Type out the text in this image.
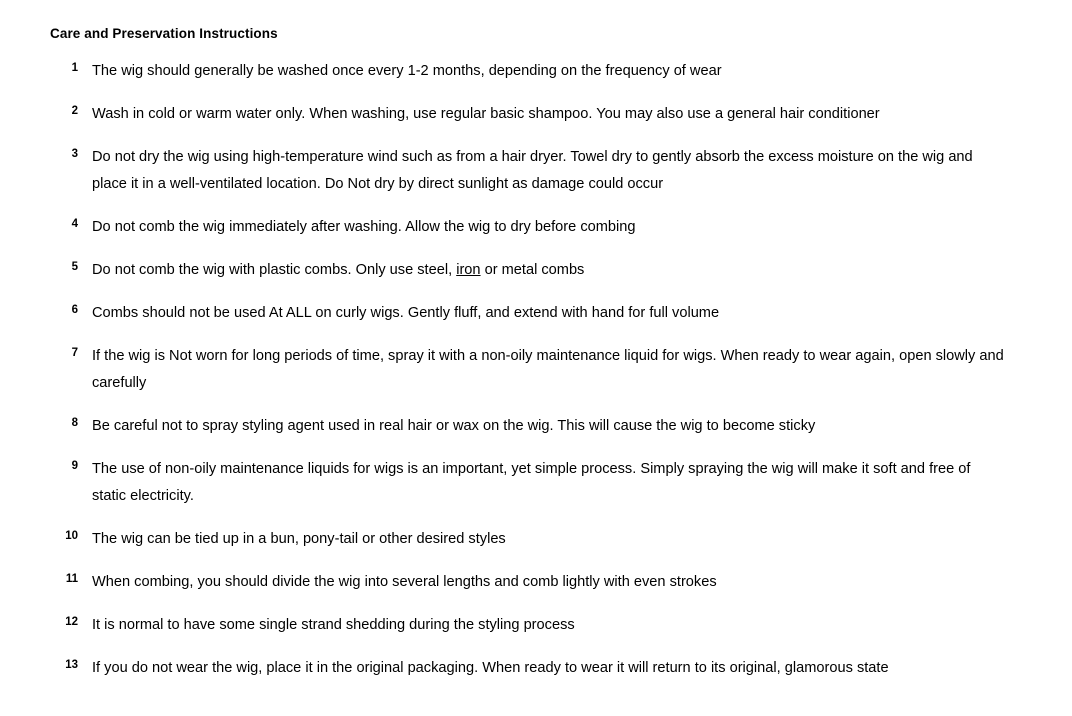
Care and Preservation Instructions
1 The wig should generally be washed once every 1-2 months, depending on the frequency of wear
2 Wash in cold or warm water only. When washing, use regular basic shampoo. You may also use a general hair conditioner
3 Do not dry the wig using high-temperature wind such as from a hair dryer. Towel dry to gently absorb the excess moisture on the wig and place it in a well-ventilated location. Do Not dry by direct sunlight as damage could occur
4 Do not comb the wig immediately after washing. Allow the wig to dry before combing
5 Do not comb the wig with plastic combs. Only use steel, iron or metal combs
6 Combs should not be used At ALL on curly wigs. Gently fluff, and extend with hand for full volume
7 If the wig is Not worn for long periods of time, spray it with a non-oily maintenance liquid for wigs. When ready to wear again, open slowly and carefully
8 Be careful not to spray styling agent used in real hair or wax on the wig. This will cause the wig to become sticky
9 The use of non-oily maintenance liquids for wigs is an important, yet simple process. Simply spraying the wig will make it soft and free of static electricity.
10 The wig can be tied up in a bun, pony-tail or other desired styles
11 When combing, you should divide the wig into several lengths and comb lightly with even strokes
12 It is normal to have some single strand shedding during the styling process
13 If you do not wear the wig, place it in the original packaging. When ready to wear it will return to its original, glamorous state
